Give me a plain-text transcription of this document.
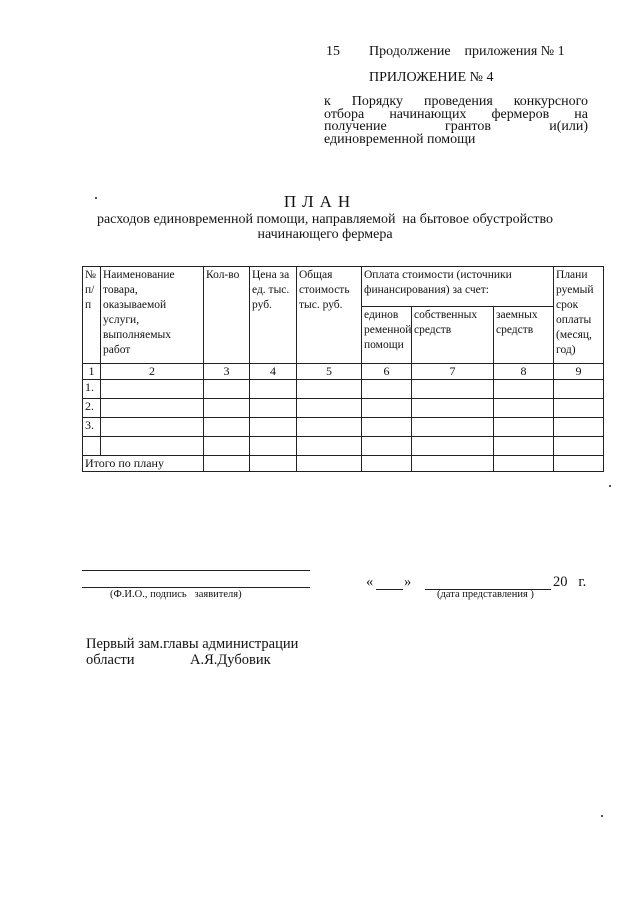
15 Продолжение    приложения № 1
ПРИЛОЖЕНИЕ № 4
к   Порядку   проведения   конкурсного
отбора    начинающих    фермеров    на
получение            грантов            и(или)
единовременной помощи
ПЛАН
расходов единовременной помощи, направляемой  на бытовое обустройство
начинающего фермера
№ п/п	Наименование товара, оказываемой услуги, выполняемых работ	Кол-во	Цена за ед. тыс. руб.	Общая стоимость тыс. руб.	Оплата стоимости (источники финансирования) за счет:			Плани руемый срок оплаты (месяц, год)
					единов ременной помощи	собственных средств	заемных средств	
1	2	3	4	5	6	7	8	9
1.								
2.								
3.								

Итого по плану								
(Ф.И.О., подпись   заявителя)
« »	20   г.
(дата представления )
Первый зам.главы администрации
области	А.Я.Дубовик
